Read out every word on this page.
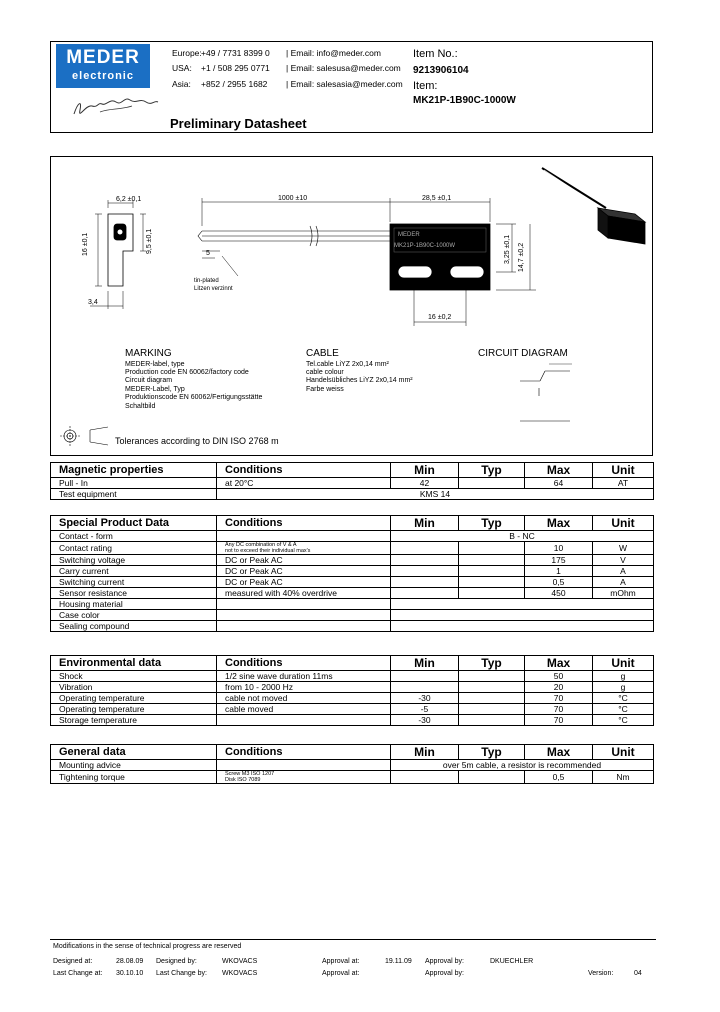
MEDER
electronic
Europe: +49 / 7731 8399 0 | Email: info@meder.com
USA: +1 / 508 295 0771 | Email: salesusa@meder.com
Asia: +852 / 2955 1682 | Email: salesasia@meder.com
Item No.:
9213906104
Item:
MK21P-1B90C-1000W
Preliminary Datasheet
6,2 ±0,1
16 ±0,1	9,5 ±0,1
3,4
1000 ±10	28,5 ±0,1
5	3,25 ±0,1 14,7 ±0,2
16 ±0,2
MEDER
MK21P-1B90C-1000W
tin-plated
Litzen verzinnt
MARKING
MEDER-label, type
Production code EN 60062/factory code
Circuit diagram
MEDER-Label, Typ
Produktionscode EN 60062/Fertigungsstätte
Schaltbild
CABLE
Tel.cable LiYZ 2x0,14 mm²
cable colour
Handelsübliches LiYZ 2x0,14 mm²
Farbe weiss
CIRCUIT DIAGRAM
Tolerances according to DIN ISO 2768 m
Magnetic properties	Conditions	Min	Typ	Max	Unit
Pull - In	at 20°C	42		64	AT
Test equipment	KMS 14				
Special Product Data	Conditions	Min	Typ	Max	Unit
Contact - form		B - NC			
Contact rating	Any DC combination of V & A
not to exceed their individual max's			10	W
Switching voltage	DC or Peak AC			175	V
Carry current	DC or Peak AC			1	A
Switching current	DC or Peak AC			0,5	A
Sensor resistance	measured with 40% overdrive			450	mOhm
Housing material					
Case color					
Sealing compound					
Environmental data	Conditions	Min	Typ	Max	Unit
Shock	1/2 sine wave duration 11ms			50	g
Vibration	from 10 - 2000 Hz			20	g
Operating temperature	cable not moved	-30		70	°C
Operating temperature	cable moved	-5		70	°C
Storage temperature		-30		70	°C
General data	Conditions	Min	Typ	Max	Unit
Mounting advice		over 5m cable, a resistor is recommended			
Tightening torque	Screw M3 ISO 1207
Disk ISO 7089			0,5	Nm
Modifications in the sense of technical progress are reserved
Designed at:	28.08.09 Designed by:	WKOVACS	Approval at:	19.11.09 Approval by:	DKUECHLER
Last Change at: 30.10.10 Last Change by: WKOVACS	Approval at:	Approval by:	Version:	04
